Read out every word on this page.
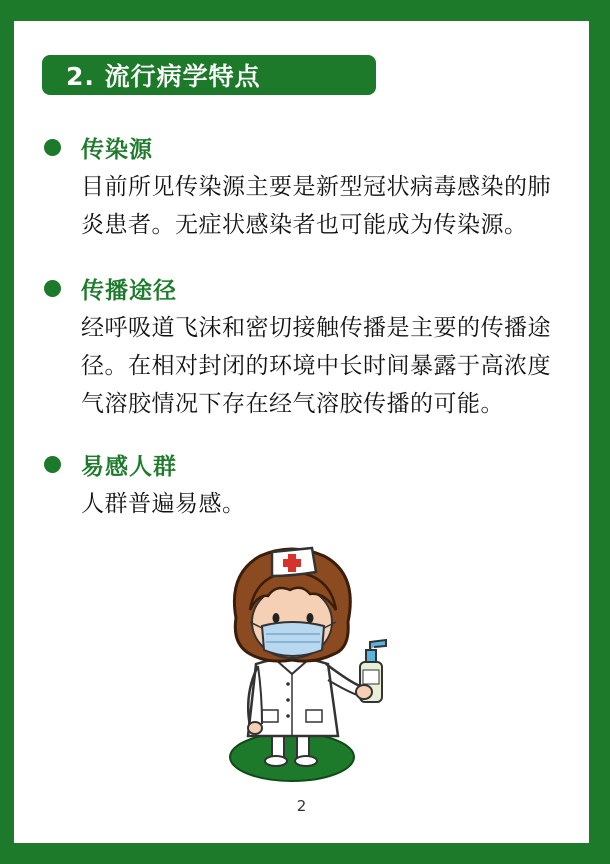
2. 流行病学特点
传染源
目前所见传染源主要是新型冠状病毒感染的肺炎患者。无症状感染者也可能成为传染源。
传播途径
经呼吸道飞沫和密切接触传播是主要的传播途径。在相对封闭的环境中长时间暴露于高浓度气溶胶情况下存在经气溶胶传播的可能。
易感人群
人群普遍易感。
2
